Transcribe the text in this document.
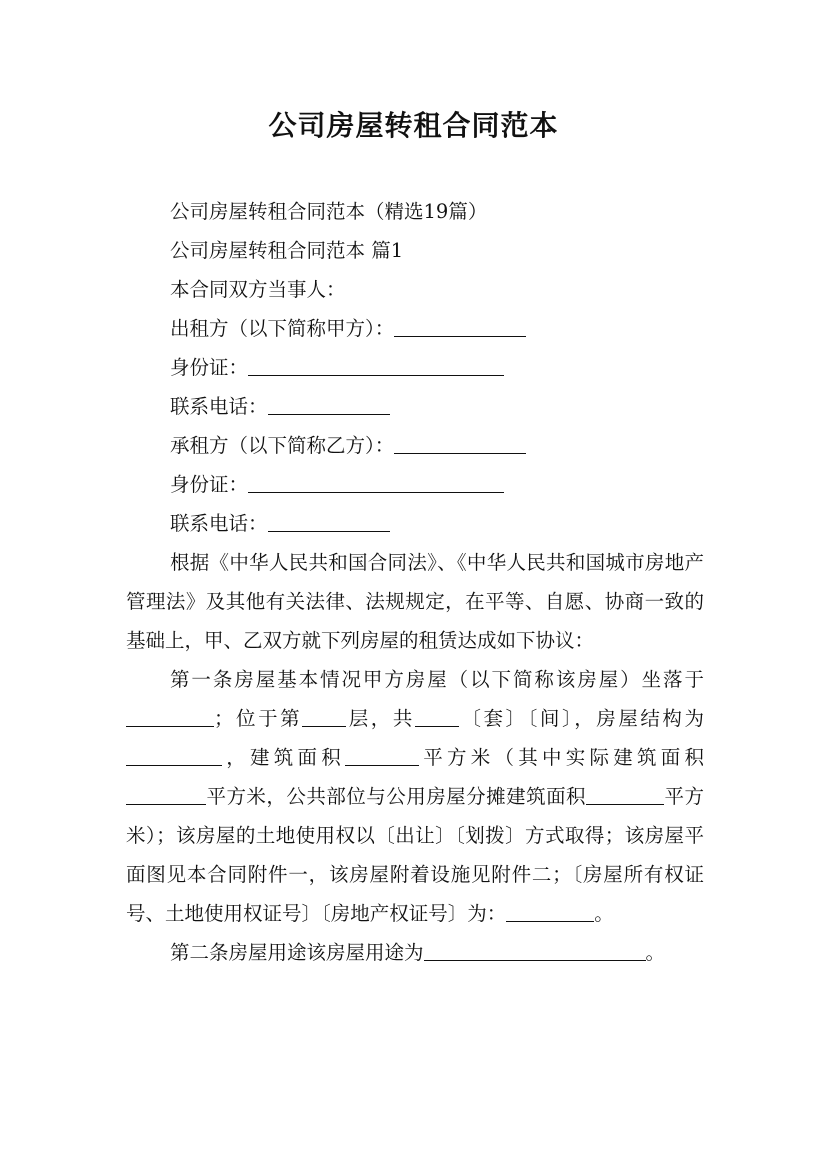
公司房屋转租合同范本
公司房屋转租合同范本（精选19篇）
公司房屋转租合同范本 篇1
本合同双方当事人：
出租方（以下简称甲方）：
身份证：
联系电话：
承租方（以下简称乙方）：
身份证：
联系电话：
根据《中华人民共和国合同法》、《中华人民共和国城市房地产管理法》及其他有关法律、法规规定，在平等、自愿、协商一致的基础上，甲、乙双方就下列房屋的租赁达成如下协议：
第一条房屋基本情况甲方房屋（以下简称该房屋）坐落于；位于第 层，共 〔套〕〔间〕，房屋结构为，建筑面积	平方米（其中实际建筑面积平方米，公共部位与公用房屋分摊建筑面积	平方米）；该房屋的土地使用权以〔出让〕〔划拨〕方式取得；该房屋平面图见本合同附件一，该房屋附着设施见附件二；〔房屋所有权证号、土地使用权证号〕〔房地产权证号〕为：	。
第二条房屋用途该房屋用途为	。
